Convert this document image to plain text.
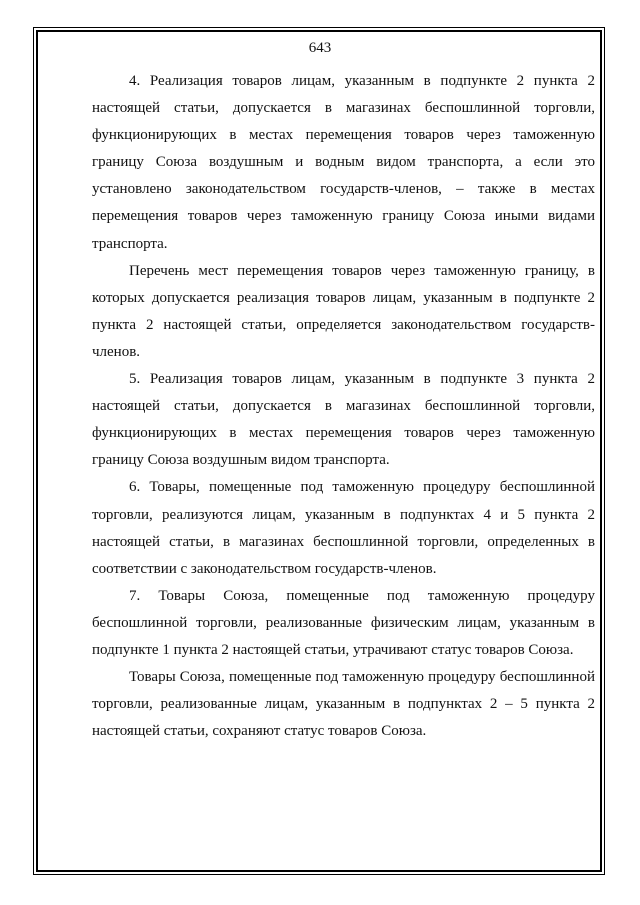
643

4. Реализация товаров лицам, указанным в подпункте 2 пункта 2 настоящей статьи, допускается в магазинах беспошлинной торговли, функционирующих в местах перемещения товаров через таможенную границу Союза воздушным и водным видом транспорта, а если это установлено законодательством государств-членов, – также в местах перемещения товаров через таможенную границу Союза иными видами транспорта.

Перечень мест перемещения товаров через таможенную границу, в которых допускается реализация товаров лицам, указанным в подпункте 2 пункта 2 настоящей статьи, определяется законодательством государств-членов.

5. Реализация товаров лицам, указанным в подпункте 3 пункта 2 настоящей статьи, допускается в магазинах беспошлинной торговли, функционирующих в местах перемещения товаров через таможенную границу Союза воздушным видом транспорта.

6. Товары, помещенные под таможенную процедуру беспошлинной торговли, реализуются лицам, указанным в подпунктах 4 и 5 пункта 2 настоящей статьи, в магазинах беспошлинной торговли, определенных в соответствии с законодательством государств-членов.

7. Товары Союза, помещенные под таможенную процедуру беспошлинной торговли, реализованные физическим лицам, указанным в подпункте 1 пункта 2 настоящей статьи, утрачивают статус товаров Союза.

Товары Союза, помещенные под таможенную процедуру беспошлинной торговли, реализованные лицам, указанным в подпунктах 2 – 5 пункта 2 настоящей статьи, сохраняют статус товаров Союза.
